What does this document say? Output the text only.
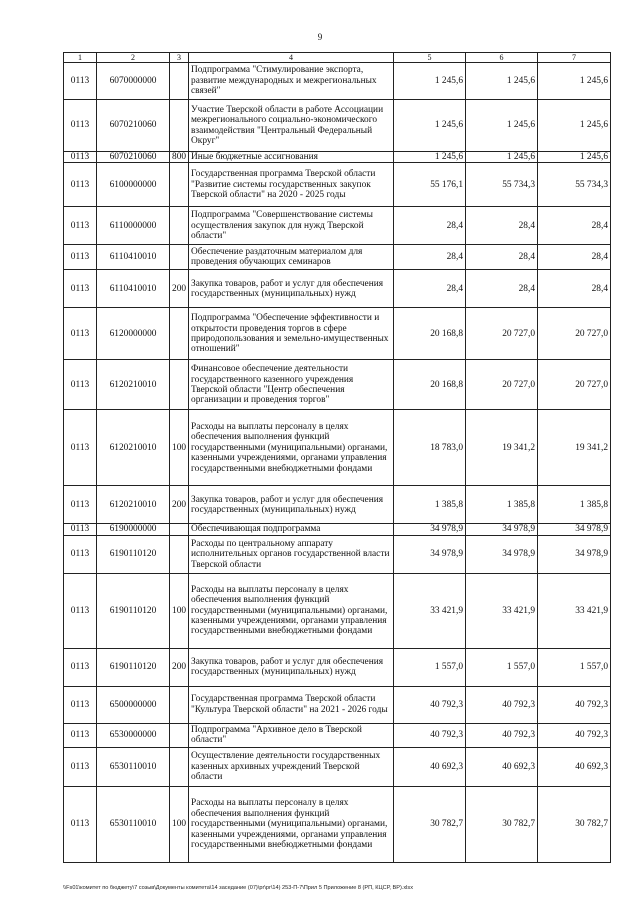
9
1	2	3	4	5	6	7
0113	6070000000		Подпрограмма "Стимулирование экспорта, развитие международных и межрегиональных связей"	1 245,6	1 245,6	1 245,6
0113	6070210060		Участие Тверской области в работе Ассоциации межрегионального социально-экономического взаимодействия "Центральный Федеральный Округ"	1 245,6	1 245,6	1 245,6
0113	6070210060	800	Иные бюджетные ассигнования	1 245,6	1 245,6	1 245,6
0113	6100000000		Государственная программа Тверской области "Развитие системы государственных закупок Тверской области" на 2020 - 2025 годы	55 176,1	55 734,3	55 734,3
0113	6110000000		Подпрограмма "Совершенствование системы осуществления закупок для нужд Тверской области"	28,4	28,4	28,4
0113	6110410010		Обеспечение раздаточным материалом для проведения обучающих семинаров	28,4	28,4	28,4
0113	6110410010	200	Закупка товаров, работ и услуг для обеспечения государственных (муниципальных) нужд	28,4	28,4	28,4
0113	6120000000		Подпрограмма "Обеспечение эффективности и открытости проведения торгов в сфере природопользования и земельно-имущественных отношений"	20 168,8	20 727,0	20 727,0
0113	6120210010		Финансовое обеспечение деятельности государственного казенного учреждения Тверской области "Центр обеспечения организации и проведения торгов"	20 168,8	20 727,0	20 727,0
0113	6120210010	100	Расходы на выплаты персоналу в целях обеспечения выполнения функций государственными (муниципальными) органами, казенными учреждениями, органами управления государственными внебюджетными фондами	18 783,0	19 341,2	19 341,2
0113	6120210010	200	Закупка товаров, работ и услуг для обеспечения государственных (муниципальных) нужд	1 385,8	1 385,8	1 385,8
0113	6190000000		Обеспечивающая подпрограмма	34 978,9	34 978,9	34 978,9
0113	6190110120		Расходы по центральному аппарату исполнительных органов государственной власти Тверской области	34 978,9	34 978,9	34 978,9
0113	6190110120	100	Расходы на выплаты персоналу в целях обеспечения выполнения функций государственными (муниципальными) органами, казенными учреждениями, органами управления государственными внебюджетными фондами	33 421,9	33 421,9	33 421,9
0113	6190110120	200	Закупка товаров, работ и услуг для обеспечения государственных (муниципальных) нужд	1 557,0	1 557,0	1 557,0
0113	6500000000		Государственная программа Тверской области "Культура Тверской области" на 2021 - 2026 годы	40 792,3	40 792,3	40 792,3
0113	6530000000		Подпрограмма "Архивное дело в Тверской области"	40 792,3	40 792,3	40 792,3
0113	6530110010		Осуществление деятельности государственных казенных архивных учреждений Тверской области	40 692,3	40 692,3	40 692,3
0113	6530110010	100	Расходы на выплаты персоналу в целях обеспечения выполнения функций государственными (муниципальными) органами, казенными учреждениями, органами управления государственными внебюджетными фондами	30 782,7	30 782,7	30 782,7
\\Fs01\комитет по бюджету\7 созыв\Документы комитета\14 заседание (07)\pr\pr\14) 253-П-7\Прил 5 Приложение 8 (РП, КЦСР, ВР).xlsx
